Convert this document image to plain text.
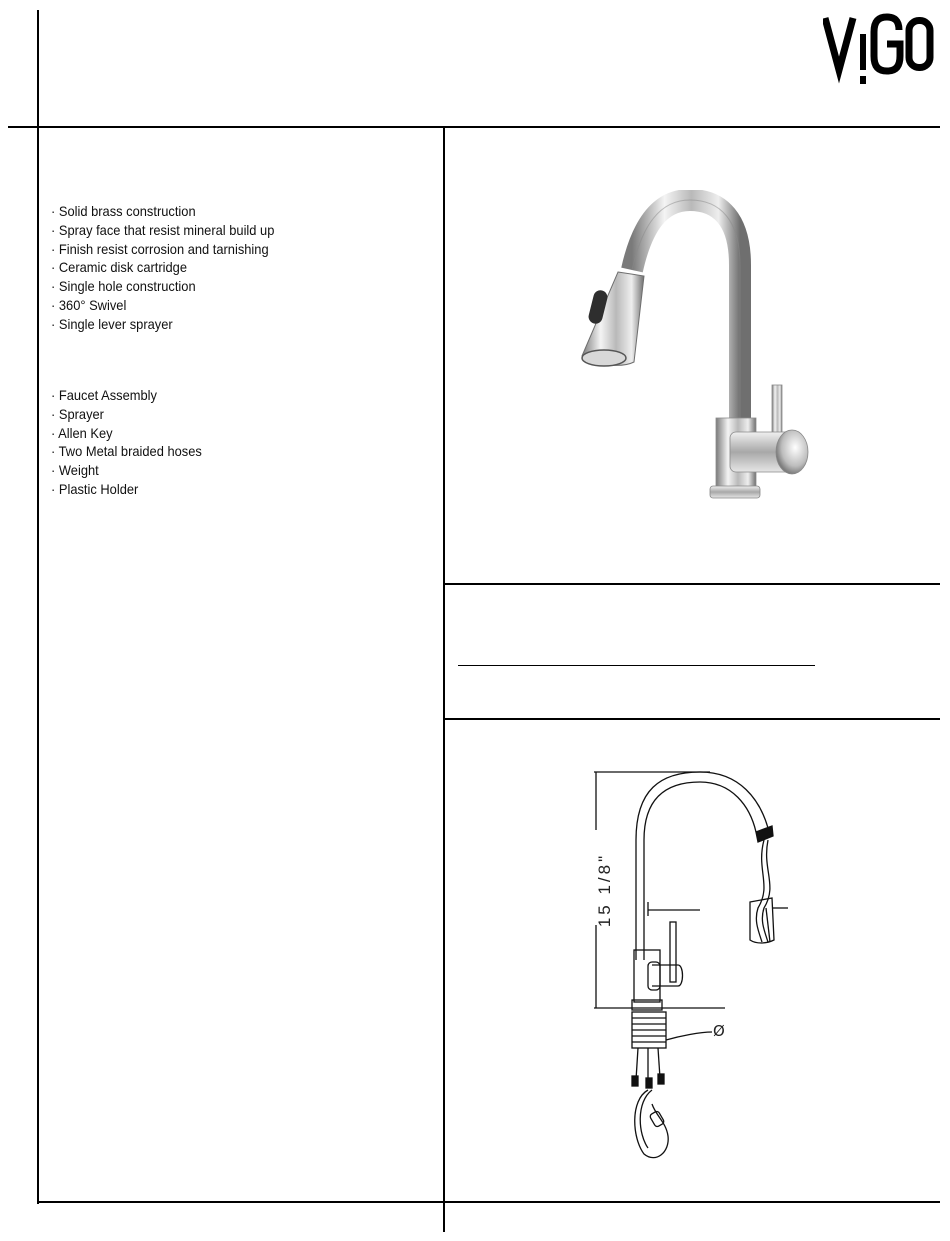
· Solid brass construction
· Spray face that resist mineral build up
· Finish resist corrosion and tarnishing
· Ceramic disk cartridge
· Single hole construction
· 360° Swivel
· Single lever sprayer
· Faucet Assembly
· Sprayer
· Allen Key
· Two Metal braided hoses
· Weight
· Plastic Holder
15 1/8"
Ø
